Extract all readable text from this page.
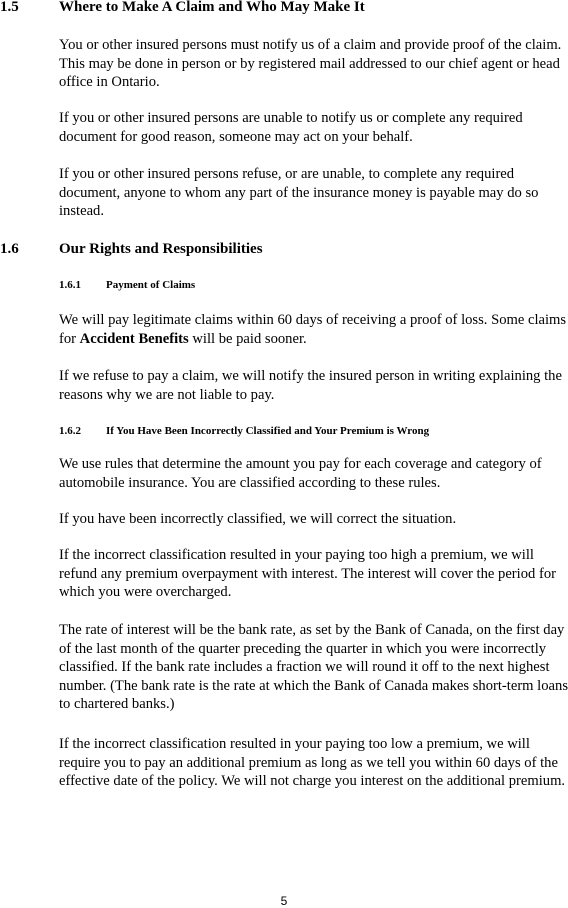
1.5	Where to Make A Claim and Who May Make It

You or other insured persons must notify us of a claim and provide proof of the claim. This may be done in person or by registered mail addressed to our chief agent or head office in Ontario.

If you or other insured persons are unable to notify us or complete any required document for good reason, someone may act on your behalf.

If you or other insured persons refuse, or are unable, to complete any required document, anyone to whom any part of the insurance money is payable may do so instead.

1.6	Our Rights and Responsibilities
1.6.1 Payment of Claims

We will pay legitimate claims within 60 days of receiving a proof of loss. Some claims for Accident Benefits will be paid sooner.

If we refuse to pay a claim, we will notify the insured person in writing explaining the reasons why we are not liable to pay.

1.6.2 If You Have Been Incorrectly Classified and Your Premium is Wrong

We use rules that determine the amount you pay for each coverage and category of automobile insurance. You are classified according to these rules.

If you have been incorrectly classified, we will correct the situation.

If the incorrect classification resulted in your paying too high a premium, we will refund any premium overpayment with interest. The interest will cover the period for which you were overcharged.

The rate of interest will be the bank rate, as set by the Bank of Canada, on the first day of the last month of the quarter preceding the quarter in which you were incorrectly classified. If the bank rate includes a fraction we will round it off to the next highest number. (The bank rate is the rate at which the Bank of Canada makes short-term loans to chartered banks.)

If the incorrect classification resulted in your paying too low a premium, we will require you to pay an additional premium as long as we tell you within 60 days of the effective date of the policy. We will not charge you interest on the additional premium.

5
